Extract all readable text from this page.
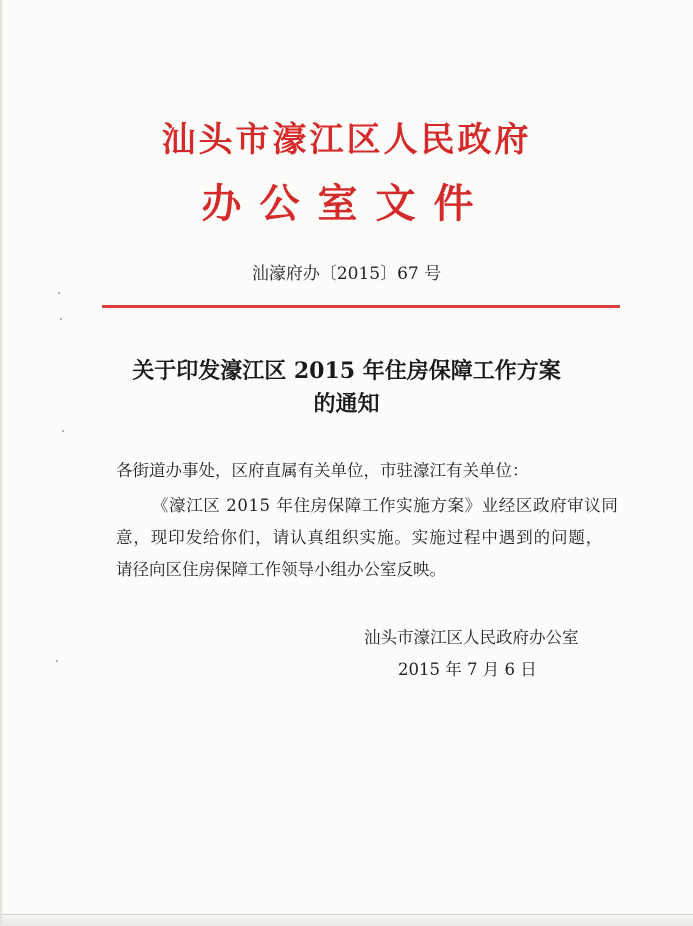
汕头市濠江区人民政府
办公室文件
汕濠府办〔2015〕67 号
关于印发濠江区 2015 年住房保障工作方案
的通知
各街道办事处，区府直属有关单位，市驻濠江有关单位：
《濠江区 2015 年住房保障工作实施方案》业经区政府审议同
意，现印发给你们，请认真组织实施。实施过程中遇到的问题，
请径向区住房保障工作领导小组办公室反映。
汕头市濠江区人民政府办公室
2015 年 7 月 6 日
